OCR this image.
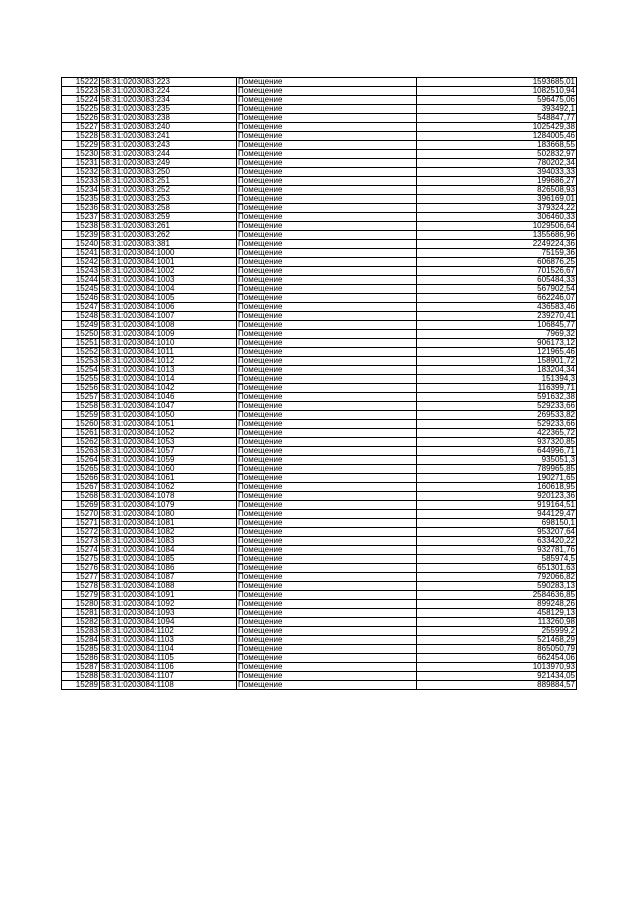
15222	58:31:0203083:223	Помещение	1593685,01
15223	58:31:0203083:224	Помещение	1082510,94
15224	58:31:0203083:234	Помещение	596475,06
15225	58:31:0203083:235	Помещение	393492,1
15226	58:31:0203083:238	Помещение	548847,77
15227	58:31:0203083:240	Помещение	1025429,38
15228	58:31:0203083:241	Помещение	1284005,46
15229	58:31:0203083:243	Помещение	183668,55
15230	58:31:0203083:244	Помещение	502832,97
15231	58:31:0203083:249	Помещение	780202,34
15232	58:31:0203083:250	Помещение	394033,33
15233	58:31:0203083:251	Помещение	199686,27
15234	58:31:0203083:252	Помещение	826508,93
15235	58:31:0203083:253	Помещение	396169,01
15236	58:31:0203083:258	Помещение	379324,22
15237	58:31:0203083:259	Помещение	306460,33
15238	58:31:0203083:261	Помещение	1029506,64
15239	58:31:0203083:262	Помещение	1355686,96
15240	58:31:0203083:381	Помещение	2249224,36
15241	58:31:0203084:1000	Помещение	75159,36
15242	58:31:0203084:1001	Помещение	606876,25
15243	58:31:0203084:1002	Помещение	701526,67
15244	58:31:0203084:1003	Помещение	605484,33
15245	58:31:0203084:1004	Помещение	567902,54
15246	58:31:0203084:1005	Помещение	662246,07
15247	58:31:0203084:1006	Помещение	436583,46
15248	58:31:0203084:1007	Помещение	239270,41
15249	58:31:0203084:1008	Помещение	106845,77
15250	58:31:0203084:1009	Помещение	7969,32
15251	58:31:0203084:1010	Помещение	906173,12
15252	58:31:0203084:1011	Помещение	121965,46
15253	58:31:0203084:1012	Помещение	158901,72
15254	58:31:0203084:1013	Помещение	183204,34
15255	58:31:0203084:1014	Помещение	151394,3
15256	58:31:0203084:1042	Помещение	116399,71
15257	58:31:0203084:1046	Помещение	591632,38
15258	58:31:0203084:1047	Помещение	529233,66
15259	58:31:0203084:1050	Помещение	269533,82
15260	58:31:0203084:1051	Помещение	529233,66
15261	58:31:0203084:1052	Помещение	422365,72
15262	58:31:0203084:1053	Помещение	937320,85
15263	58:31:0203084:1057	Помещение	644996,71
15264	58:31:0203084:1059	Помещение	935051,3
15265	58:31:0203084:1060	Помещение	789965,85
15266	58:31:0203084:1061	Помещение	190271,65
15267	58:31:0203084:1062	Помещение	160618,95
15268	58:31:0203084:1078	Помещение	920123,36
15269	58:31:0203084:1079	Помещение	919164,51
15270	58:31:0203084:1080	Помещение	944129,47
15271	58:31:0203084:1081	Помещение	698150,1
15272	58:31:0203084:1082	Помещение	953207,64
15273	58:31:0203084:1083	Помещение	633420,22
15274	58:31:0203084:1084	Помещение	932781,76
15275	58:31:0203084:1085	Помещение	585974,5
15276	58:31:0203084:1086	Помещение	651301,63
15277	58:31:0203084:1087	Помещение	792066,82
15278	58:31:0203084:1088	Помещение	590283,13
15279	58:31:0203084:1091	Помещение	2584636,85
15280	58:31:0203084:1092	Помещение	899248,26
15281	58:31:0203084:1093	Помещение	458129,13
15282	58:31:0203084:1094	Помещение	113260,98
15283	58:31:0203084:1102	Помещение	255999,2
15284	58:31:0203084:1103	Помещение	521468,29
15285	58:31:0203084:1104	Помещение	865050,79
15286	58:31:0203084:1105	Помещение	662454,06
15287	58:31:0203084:1106	Помещение	1013970,93
15288	58:31:0203084:1107	Помещение	921434,05
15289	58:31:0203084:1108	Помещение	889884,57
